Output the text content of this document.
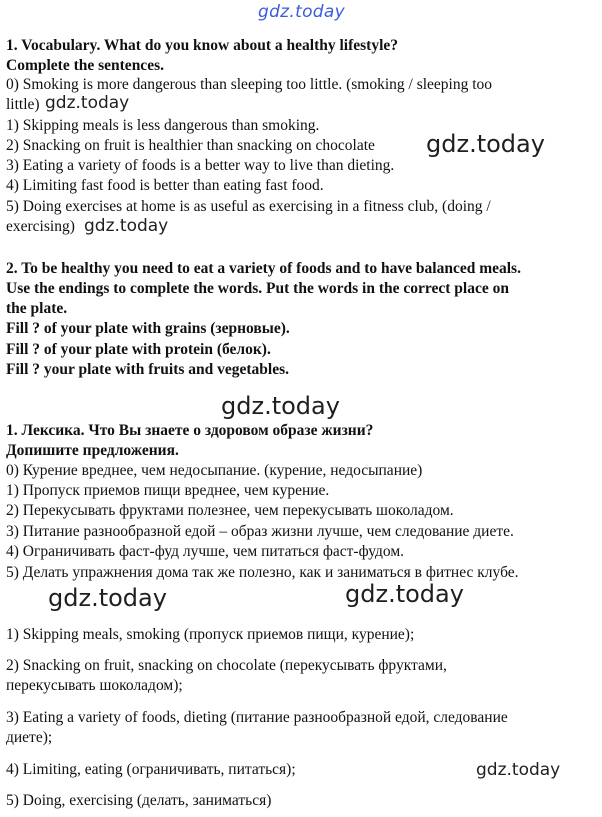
gdz.today
1. Vocabulary. What do you know about a healthy lifestyle?
Complete the sentences.
0) Smoking is more dangerous than sleeping too little. (smoking / sleeping too
little) gdz.today
1) Skipping meals is less dangerous than smoking.
2) Snacking on fruit is healthier than snacking on chocolate	gdz.today
3) Eating a variety of foods is a better way to live than dieting.
4) Limiting fast food is better than eating fast food.
5) Doing exercises at home is as useful as exercising in a fitness club, (doing /
exercising) gdz.today
2. To be healthy you need to eat a variety of foods and to have balanced meals.
Use the endings to complete the words. Put the words in the correct place on
the plate.
Fill ? of your plate with grains (зерновые).
Fill ? of your plate with protein (белок).
Fill ? your plate with fruits and vegetables.
gdz.today
1. Лексика. Что Вы знаете о здоровом образе жизни?
Допишите предложения.
0) Курение вреднее, чем недосыпание. (курение, недосыпание)
1) Пропуск приемов пищи вреднее, чем курение.
2) Перекусывать фруктами полезнее, чем перекусывать шоколадом.
3) Питание разнообразной едой – образ жизни лучше, чем следование диете.
4) Ограничивать фаст-фуд лучше, чем питаться фаст-фудом.
5) Делать упражнения дома так же полезно, как и заниматься в фитнес клубе.
gdz.today	gdz.today
1) Skipping meals, smoking (пропуск приемов пищи, курение);
2) Snacking on fruit, snacking on chocolate (перекусывать фруктами,
перекусывать шоколадом);
3) Eating a variety of foods, dieting (питание разнообразной едой, следование
диете);
4) Limiting, eating (ограничивать, питаться);	gdz.today
5) Doing, exercising (делать, заниматься)
